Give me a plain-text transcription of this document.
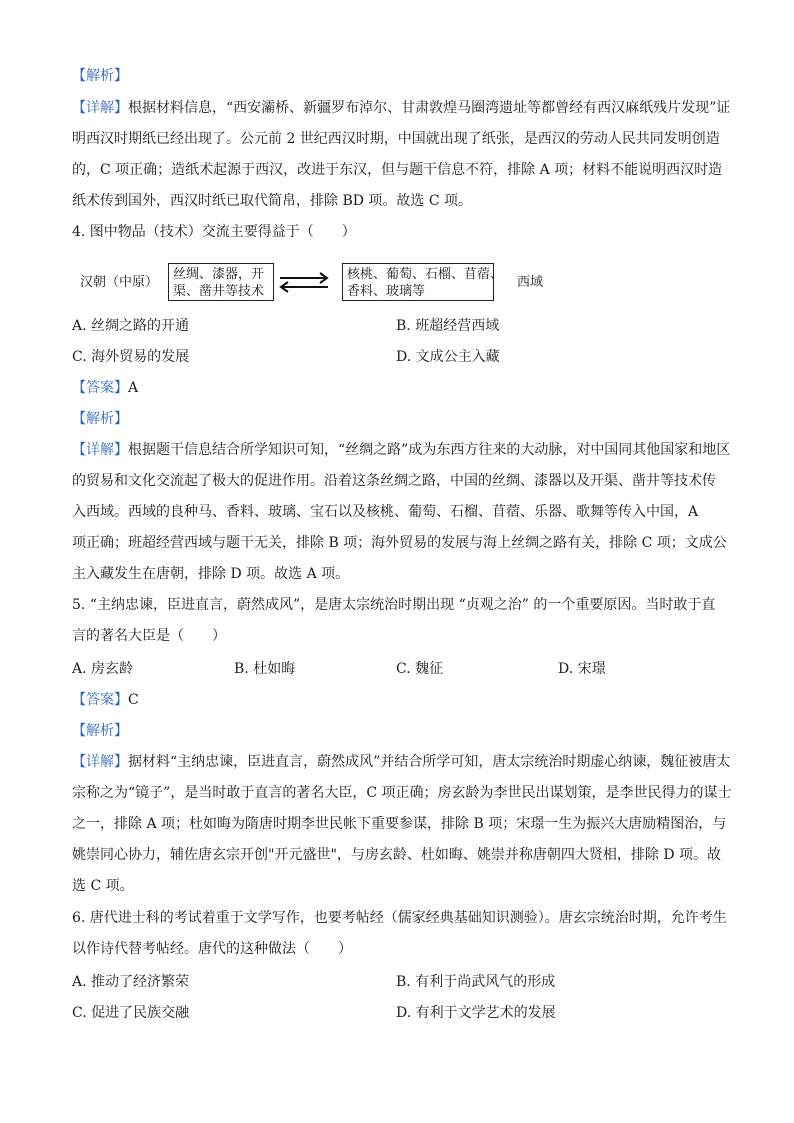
【解析】
【详解】根据材料信息，“西安灞桥、新疆罗布淖尔、甘肃敦煌马圈湾遗址等都曾经有西汉麻纸残片发现”证
明西汉时期纸已经出现了。公元前 2 世纪西汉时期，中国就出现了纸张，是西汉的劳动人民共同发明创造
的，C 项正确；造纸术起源于西汉，改进于东汉，但与题干信息不符，排除 A 项；材料不能说明西汉时造
纸术传到国外，西汉时纸已取代简帛，排除 BD 项。故选 C 项。
4. 图中物品（技术）交流主要得益于（　　）
汉朝（中原）
丝绸、漆器，开
渠、凿井等技术
核桃、葡萄、石榴、苜蓿、
香料、玻璃等
西域
A. 丝绸之路的开通	B. 班超经营西域
C. 海外贸易的发展	D. 文成公主入藏
【答案】A
【解析】
【详解】根据题干信息结合所学知识可知，“丝绸之路”成为东西方往来的大动脉，对中国同其他国家和地区
的贸易和文化交流起了极大的促进作用。沿着这条丝绸之路，中国的丝绸、漆器以及开渠、凿井等技术传
入西域。西域的良种马、香料、玻璃、宝石以及核桃、葡萄、石榴、苜蓿、乐器、歌舞等传入中国，A
项正确；班超经营西域与题干无关，排除 B 项；海外贸易的发展与海上丝绸之路有关，排除 C 项；文成公
主入藏发生在唐朝，排除 D 项。故选 A 项。
5. “主纳忠谏，臣进直言，蔚然成风”，是唐太宗统治时期出现 “贞观之治” 的一个重要原因。当时敢于直
言的著名大臣是（　　）
A. 房玄龄	B. 杜如晦	C. 魏征	D. 宋璟
【答案】C
【解析】
【详解】据材料“主纳忠谏，臣进直言，蔚然成风”并结合所学可知，唐太宗统治时期虚心纳谏，魏征被唐太
宗称之为“镜子”，是当时敢于直言的著名大臣，C 项正确；房玄龄为李世民出谋划策，是李世民得力的谋士
之一，排除 A 项；杜如晦为隋唐时期李世民帐下重要参谋，排除 B 项；宋璟一生为振兴大唐励精图治，与
姚崇同心协力，辅佐唐玄宗开创"开元盛世"，与房玄龄、杜如晦、姚崇并称唐朝四大贤相，排除 D 项。故
选 C 项。
6. 唐代进士科的考试着重于文学写作，也要考帖经（儒家经典基础知识测验）。唐玄宗统治时期，允许考生
以作诗代替考帖经。唐代的这种做法（　　）
A. 推动了经济繁荣	B. 有利于尚武风气的形成
C. 促进了民族交融	D. 有利于文学艺术的发展
